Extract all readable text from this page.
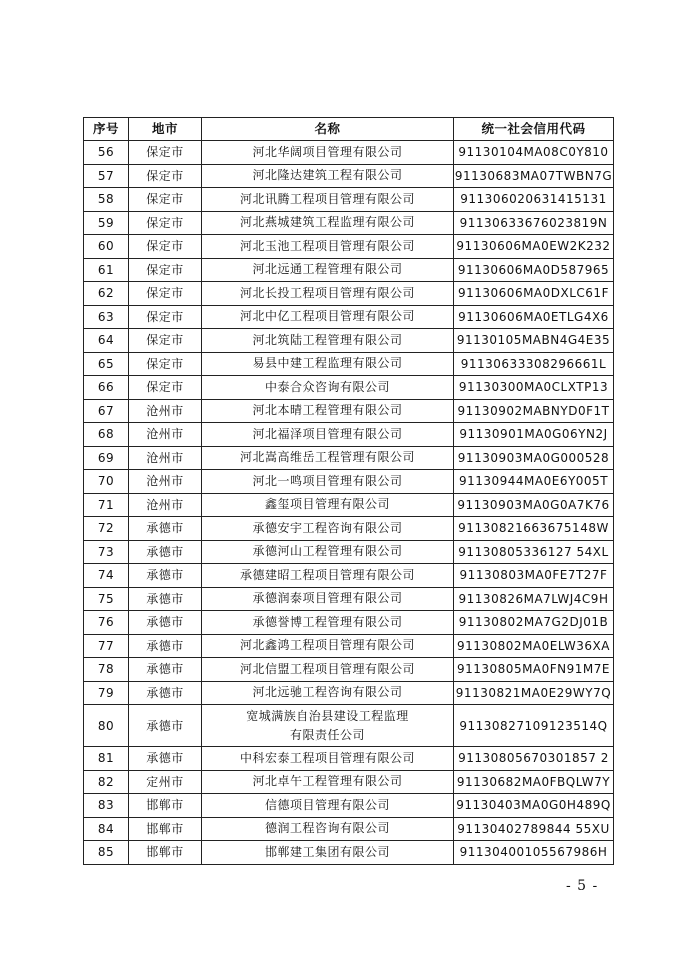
序号	地市	名称	统一社会信用代码
56	保定市	河北华阔项目管理有限公司	91130104MA08C0Y810
57	保定市	河北隆达建筑工程有限公司	91130683MA07TWBN7G
58	保定市	河北讯腾工程项目管理有限公司	911306020631415131
59	保定市	河北燕城建筑工程监理有限公司	91130633676023819N
60	保定市	河北玉池工程项目管理有限公司	91130606MA0EW2K232
61	保定市	河北远通工程管理有限公司	91130606MA0D587965
62	保定市	河北长投工程项目管理有限公司	91130606MA0DXLC61F
63	保定市	河北中亿工程项目管理有限公司	91130606MA0ETLG4X6
64	保定市	河北筑陆工程管理有限公司	91130105MABN4G4E35
65	保定市	易县中建工程监理有限公司	91130633308296661L
66	保定市	中泰合众咨询有限公司	91130300MA0CLXTP13
67	沧州市	河北本晴工程管理有限公司	91130902MABNYD0F1T
68	沧州市	河北福泽项目管理有限公司	91130901MA0G06YN2J
69	沧州市	河北嵩高维岳工程管理有限公司	91130903MA0G000528
70	沧州市	河北一鸣项目管理有限公司	91130944MA0E6Y005T
71	沧州市	鑫玺项目管理有限公司	91130903MA0G0A7K76
72	承德市	承德安宇工程咨询有限公司	91130821663675148W
73	承德市	承德河山工程管理有限公司	91130805336127 54XL
74	承德市	承德建昭工程项目管理有限公司	91130803MA0FE7T27F
75	承德市	承德润泰项目管理有限公司	91130826MA7LWJ4C9H
76	承德市	承德誉博工程管理有限公司	91130802MA7G2DJ01B
77	承德市	河北鑫鸿工程项目管理有限公司	91130802MA0ELW36XA
78	承德市	河北信盟工程项目管理有限公司	91130805MA0FN91M7E
79	承德市	河北远驰工程咨询有限公司	91130821MA0E29WY7Q
80	承德市	宽城满族自治县建设工程监理
有限责任公司	91130827109123514Q
81	承德市	中科宏泰工程项目管理有限公司	91130805670301857 2
82	定州市	河北卓午工程管理有限公司	91130682MA0FBQLW7Y
83	邯郸市	信德项目管理有限公司	91130403MA0G0H489Q
84	邯郸市	德润工程咨询有限公司	91130402789844 55XU
85	邯郸市	邯郸建工集团有限公司	91130400105567986H
- 5 -
